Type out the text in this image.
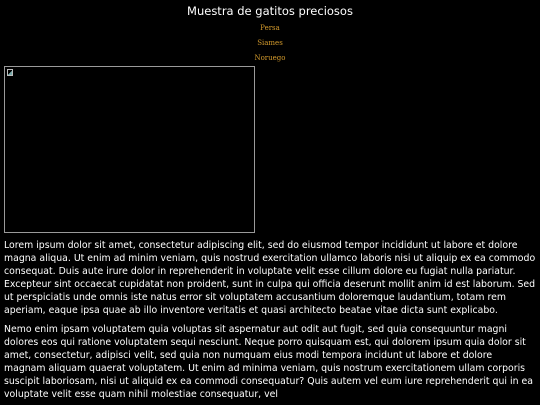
Muestra de gatitos preciosos
Persa
Siames
Noruego

Lorem ipsum dolor sit amet, consectetur adipiscing elit, sed do eiusmod tempor incididunt ut labore et dolore magna aliqua. Ut enim ad minim veniam, quis nostrud exercitation ullamco laboris nisi ut aliquip ex ea commodo consequat. Duis aute irure dolor in reprehenderit in voluptate velit esse cillum dolore eu fugiat nulla pariatur. Excepteur sint occaecat cupidatat non proident, sunt in culpa qui officia deserunt mollit anim id est laborum. Sed ut perspiciatis unde omnis iste natus error sit voluptatem accusantium doloremque laudantium, totam rem aperiam, eaque ipsa quae ab illo inventore veritatis et quasi architecto beatae vitae dicta sunt explicabo.

Nemo enim ipsam voluptatem quia voluptas sit aspernatur aut odit aut fugit, sed quia consequuntur magni dolores eos qui ratione voluptatem sequi nesciunt. Neque porro quisquam est, qui dolorem ipsum quia dolor sit amet, consectetur, adipisci velit, sed quia non numquam eius modi tempora incidunt ut labore et dolore magnam aliquam quaerat voluptatem. Ut enim ad minima veniam, quis nostrum exercitationem ullam corporis suscipit laboriosam, nisi ut aliquid ex ea commodi consequatur? Quis autem vel eum iure reprehenderit qui in ea voluptate velit esse quam nihil molestiae consequatur, vel
